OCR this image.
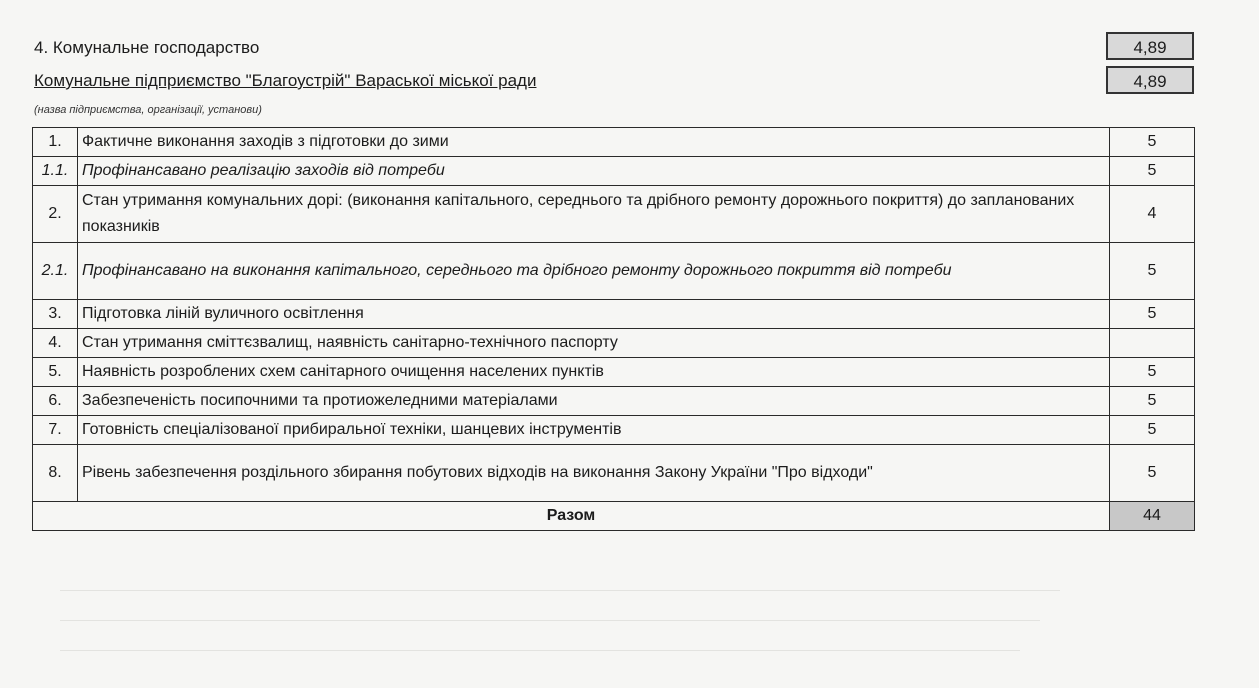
4. Комунальне господарство	4,89
Комунальне підприємство "Благоустрій" Вараської міської ради	4,89
(назва підприємства, організації, установи)
1.	Фактичне виконання заходів з підготовки до зими	5
1.1.	Профінансавано реалізацію заходів від потреби	5
2.	Стан утримання комунальних дорі: (виконання капітального, середнього та дрібного ремонту дорожнього покриття) до запланованих показників	4
2.1.	Профінансавано на виконання капітального, середнього та дрібного ремонту дорожнього покриття від потреби	5
3.	Підготовка ліній вуличного освітлення	5
4.	Стан утримання сміттєзвалищ, наявність санітарно-технічного паспорту	
5.	Наявність розроблених схем санітарного очищення населених пунктів	5
6.	Забезпеченість посипочними та протиожеледними матеріалами	5
7.	Готовність спеціалізованої прибиральної техніки, шанцевих інструментів	5
8.	Рівень забезпечення роздільного збирання побутових відходів на виконання Закону України "Про відходи"	5
Разом		44
